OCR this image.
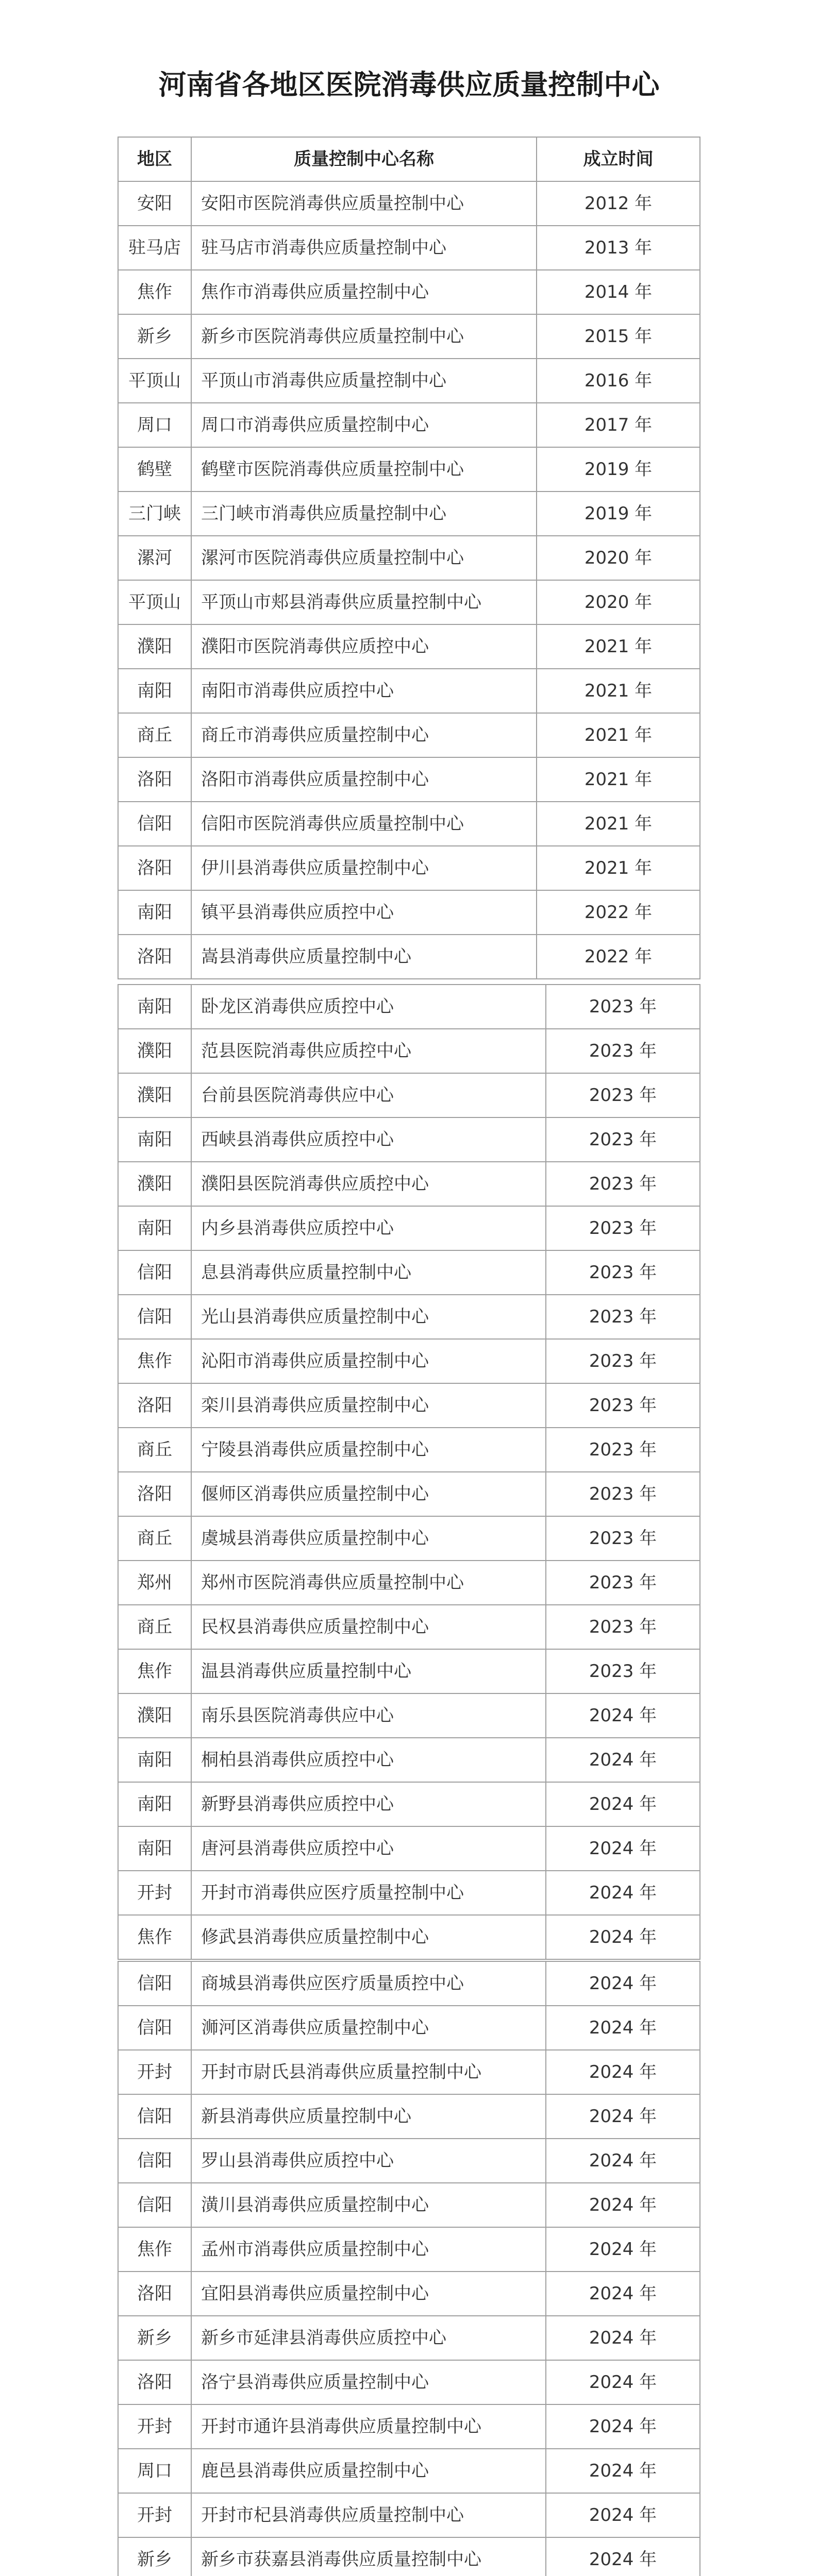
河南省各地区医院消毒供应质量控制中心
地区	质量控制中心名称	成立时间
安阳	安阳市医院消毒供应质量控制中心	2012 年
驻马店	驻马店市消毒供应质量控制中心	2013 年
焦作	焦作市消毒供应质量控制中心	2014 年
新乡	新乡市医院消毒供应质量控制中心	2015 年
平顶山	平顶山市消毒供应质量控制中心	2016 年
周口	周口市消毒供应质量控制中心	2017 年
鹤壁	鹤壁市医院消毒供应质量控制中心	2019 年
三门峡	三门峡市消毒供应质量控制中心	2019 年
漯河	漯河市医院消毒供应质量控制中心	2020 年
平顶山	平顶山市郏县消毒供应质量控制中心	2020 年
濮阳	濮阳市医院消毒供应质控中心	2021 年
南阳	南阳市消毒供应质控中心	2021 年
商丘	商丘市消毒供应质量控制中心	2021 年
洛阳	洛阳市消毒供应质量控制中心	2021 年
信阳	信阳市医院消毒供应质量控制中心	2021 年
洛阳	伊川县消毒供应质量控制中心	2021 年
南阳	镇平县消毒供应质控中心	2022 年
洛阳	嵩县消毒供应质量控制中心	2022 年
南阳	卧龙区消毒供应质控中心	2023 年
濮阳	范县医院消毒供应质控中心	2023 年
濮阳	台前县医院消毒供应中心	2023 年
南阳	西峡县消毒供应质控中心	2023 年
濮阳	濮阳县医院消毒供应质控中心	2023 年
南阳	内乡县消毒供应质控中心	2023 年
信阳	息县消毒供应质量控制中心	2023 年
信阳	光山县消毒供应质量控制中心	2023 年
焦作	沁阳市消毒供应质量控制中心	2023 年
洛阳	栾川县消毒供应质量控制中心	2023 年
商丘	宁陵县消毒供应质量控制中心	2023 年
洛阳	偃师区消毒供应质量控制中心	2023 年
商丘	虞城县消毒供应质量控制中心	2023 年
郑州	郑州市医院消毒供应质量控制中心	2023 年
商丘	民权县消毒供应质量控制中心	2023 年
焦作	温县消毒供应质量控制中心	2023 年
濮阳	南乐县医院消毒供应中心	2024 年
南阳	桐柏县消毒供应质控中心	2024 年
南阳	新野县消毒供应质控中心	2024 年
南阳	唐河县消毒供应质控中心	2024 年
开封	开封市消毒供应医疗质量控制中心	2024 年
焦作	修武县消毒供应质量控制中心	2024 年
信阳	商城县消毒供应医疗质量质控中心	2024 年
信阳	浉河区消毒供应质量控制中心	2024 年
开封	开封市尉氏县消毒供应质量控制中心	2024 年
信阳	新县消毒供应质量控制中心	2024 年
信阳	罗山县消毒供应质控中心	2024 年
信阳	潢川县消毒供应质量控制中心	2024 年
焦作	孟州市消毒供应质量控制中心	2024 年
洛阳	宜阳县消毒供应质量控制中心	2024 年
新乡	新乡市延津县消毒供应质控中心	2024 年
洛阳	洛宁县消毒供应质量控制中心	2024 年
开封	开封市通许县消毒供应质量控制中心	2024 年
周口	鹿邑县消毒供应质量控制中心	2024 年
开封	开封市杞县消毒供应质量控制中心	2024 年
新乡	新乡市获嘉县消毒供应质量控制中心	2024 年
